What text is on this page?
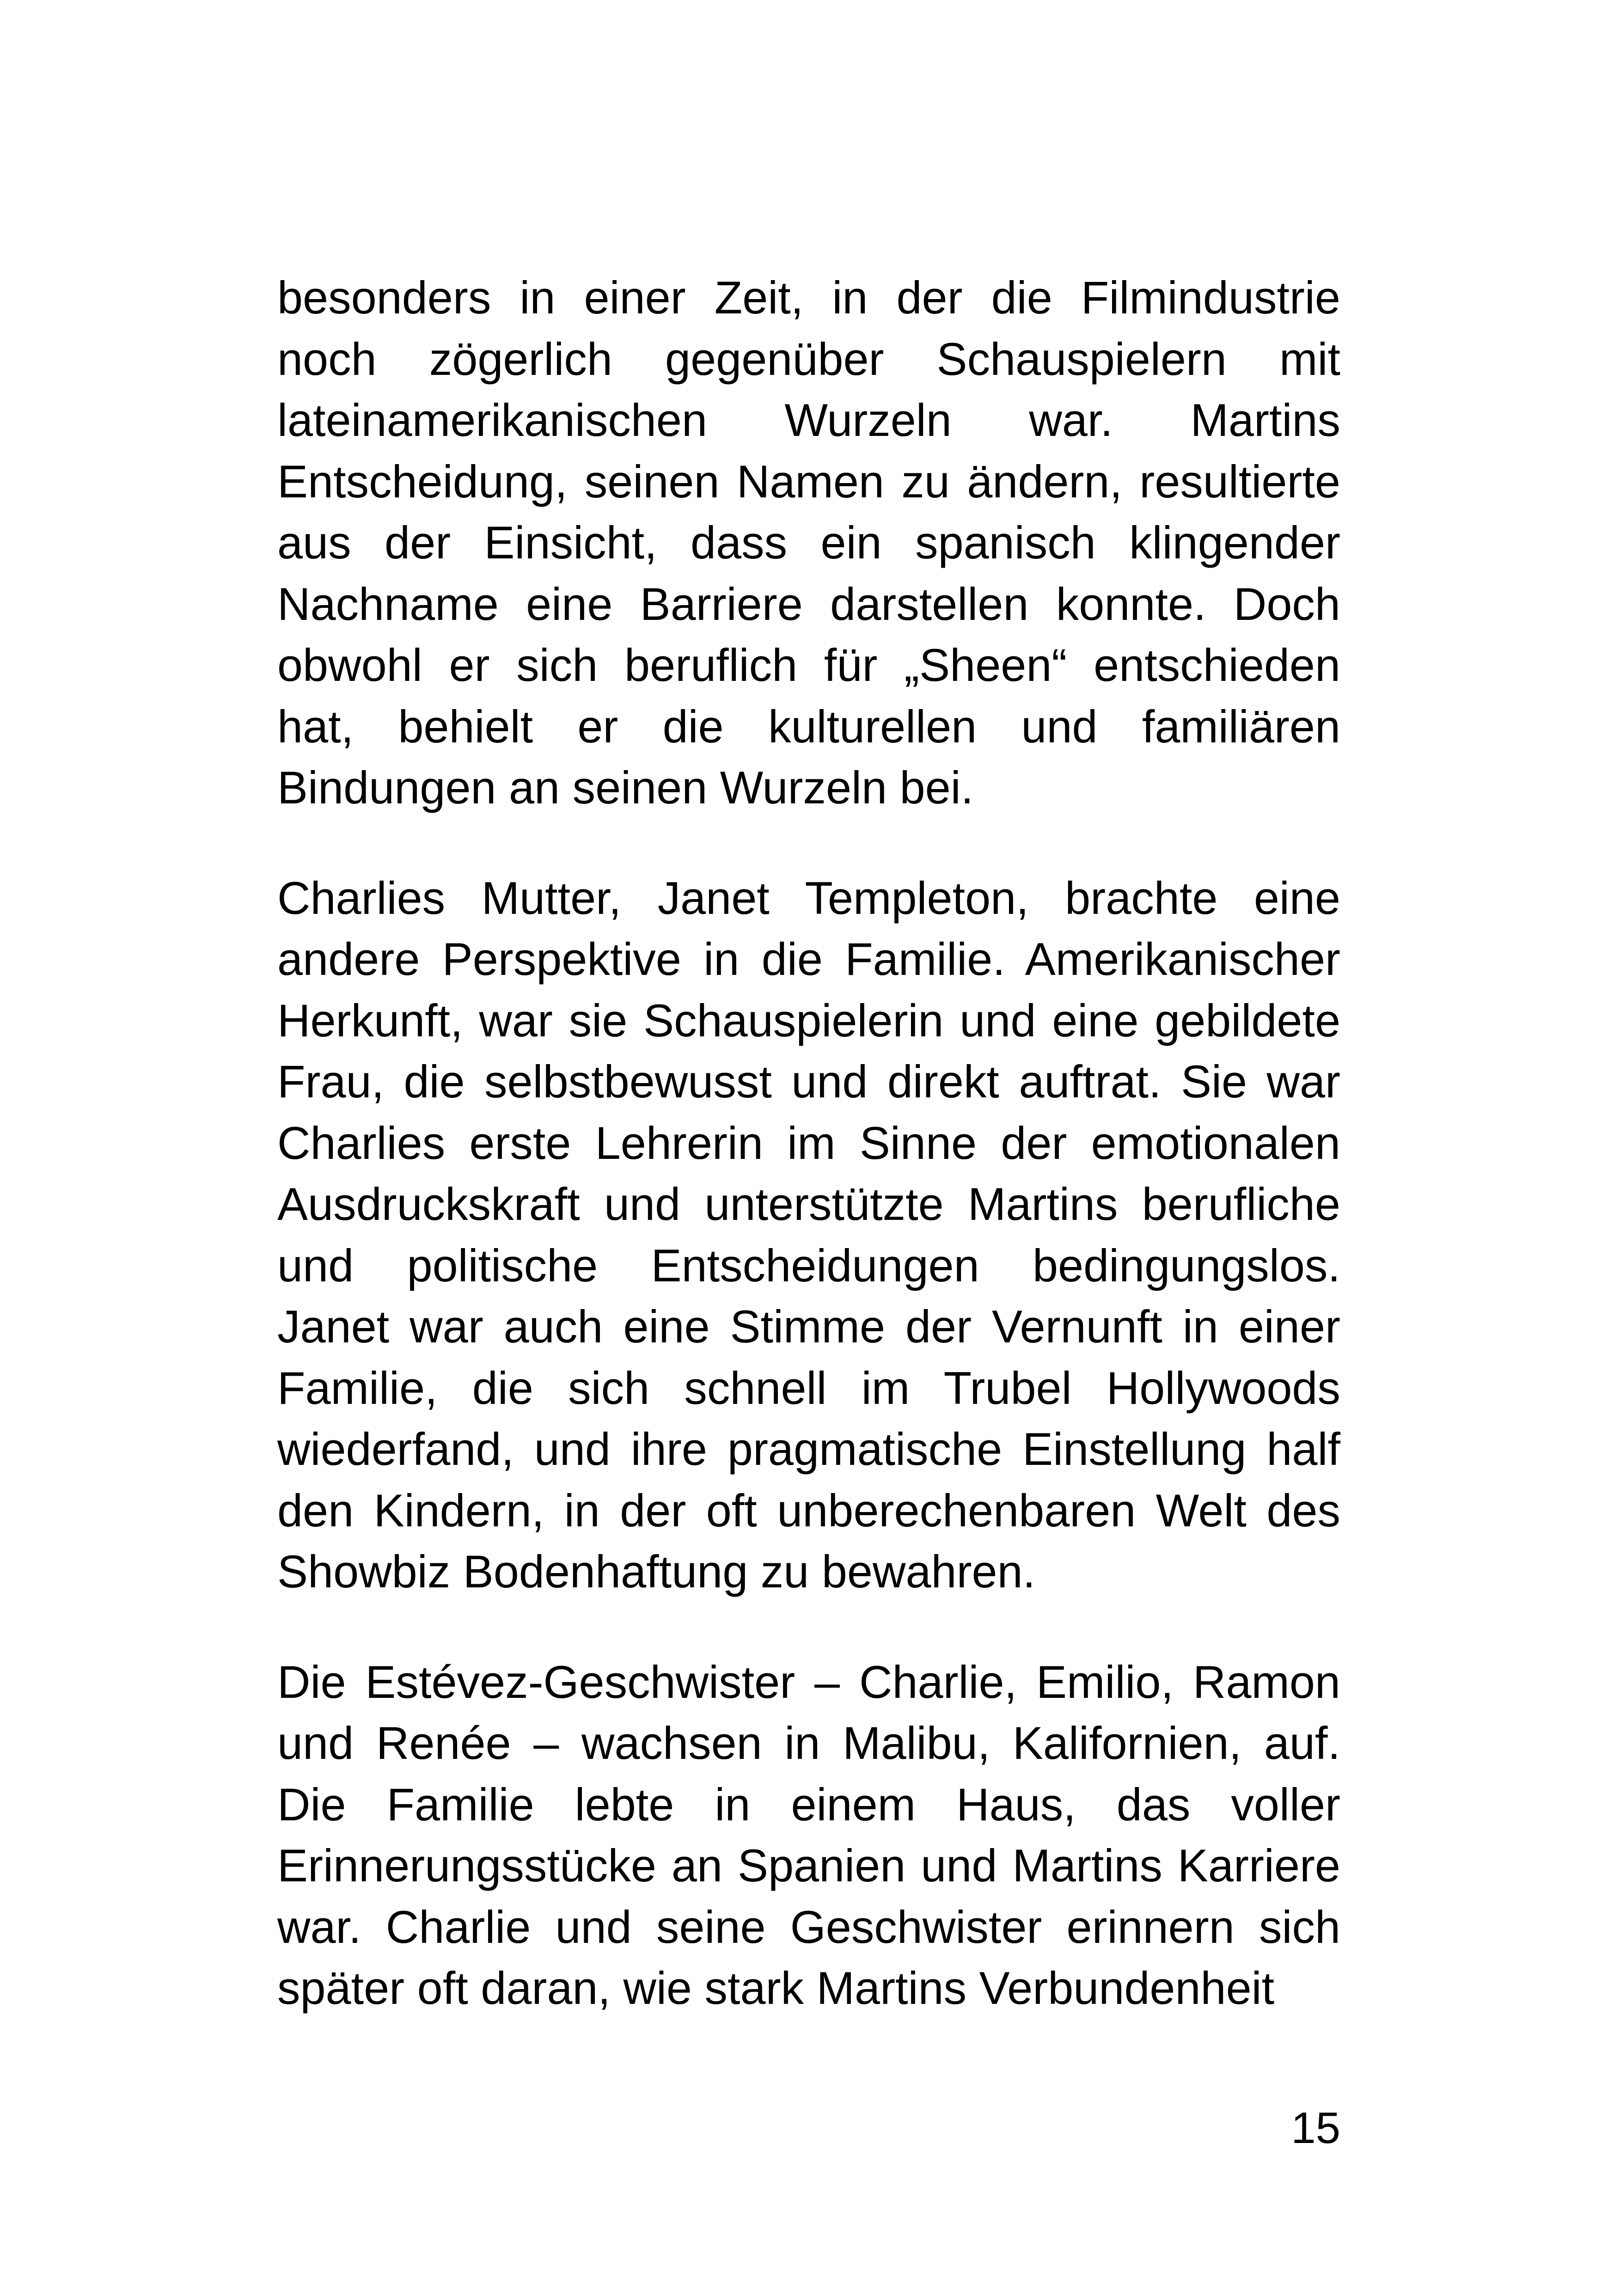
besonders in einer Zeit, in der die Filmindustrie noch zögerlich gegenüber Schauspielern mit lateinamerikanischen Wurzeln war. Martins Entscheidung, seinen Namen zu ändern, resultierte aus der Einsicht, dass ein spanisch klingender Nachname eine Barriere darstellen konnte. Doch obwohl er sich beruflich für „Sheen“ entschieden hat, behielt er die kulturellen und familiären Bindungen an seinen Wurzeln bei.

Charlies Mutter, Janet Templeton, brachte eine andere Perspektive in die Familie. Amerikanischer Herkunft, war sie Schauspielerin und eine gebildete Frau, die selbstbewusst und direkt auftrat. Sie war Charlies erste Lehrerin im Sinne der emotionalen Ausdruckskraft und unterstützte Martins berufliche und politische Entscheidungen bedingungslos. Janet war auch eine Stimme der Vernunft in einer Familie, die sich schnell im Trubel Hollywoods wiederfand, und ihre pragmatische Einstellung half den Kindern, in der oft unberechenbaren Welt des Showbiz Bodenhaftung zu bewahren.

Die Estévez-Geschwister – Charlie, Emilio, Ramon und Renée – wachsen in Malibu, Kalifornien, auf. Die Familie lebte in einem Haus, das voller Erinnerungsstücke an Spanien und Martins Karriere war. Charlie und seine Geschwister erinnern sich später oft daran, wie stark Martins Verbundenheit

15
